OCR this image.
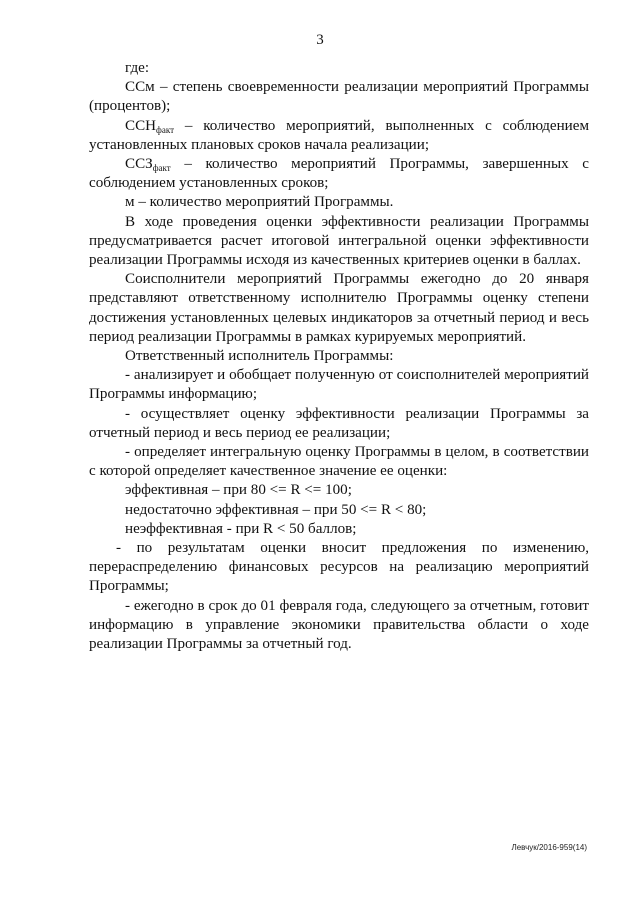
3

где:

ССм – степень своевременности реализации мероприятий Программы (процентов);

$ССН_{факт}$ – количество мероприятий, выполненных с соблюдением установленных плановых сроков начала реализации;

$ССЗ_{факт}$ – количество мероприятий Программы, завершенных с соблюдением установленных сроков;

м – количество мероприятий Программы.

В ходе проведения оценки эффективности реализации Программы предусматривается расчет итоговой интегральной оценки эффективности реализации Программы исходя из качественных критериев оценки в баллах.

Соисполнители мероприятий Программы ежегодно до 20 января представляют ответственному исполнителю Программы оценку степени достижения установленных целевых индикаторов за отчетный период и весь период реализации Программы в рамках курируемых мероприятий.

Ответственный исполнитель Программы:

- анализирует и обобщает полученную от соисполнителей мероприятий Программы информацию;

- осуществляет оценку эффективности реализации Программы за отчетный период и весь период ее реализации;

- определяет интегральную оценку Программы в целом, в соответствии с которой определяет качественное значение ее оценки:

эффективная – при 80 <= R <= 100;

недостаточно эффективная – при 50 <= R < 80;

неэффективная - при R < 50 баллов;

- по результатам оценки вносит предложения по изменению, перераспределению финансовых ресурсов на реализацию мероприятий Программы;

- ежегодно в срок до 01 февраля года, следующего за отчетным, готовит информацию в управление экономики правительства области о ходе реализации Программы за отчетный год.

Левчук/2016-959(14)
